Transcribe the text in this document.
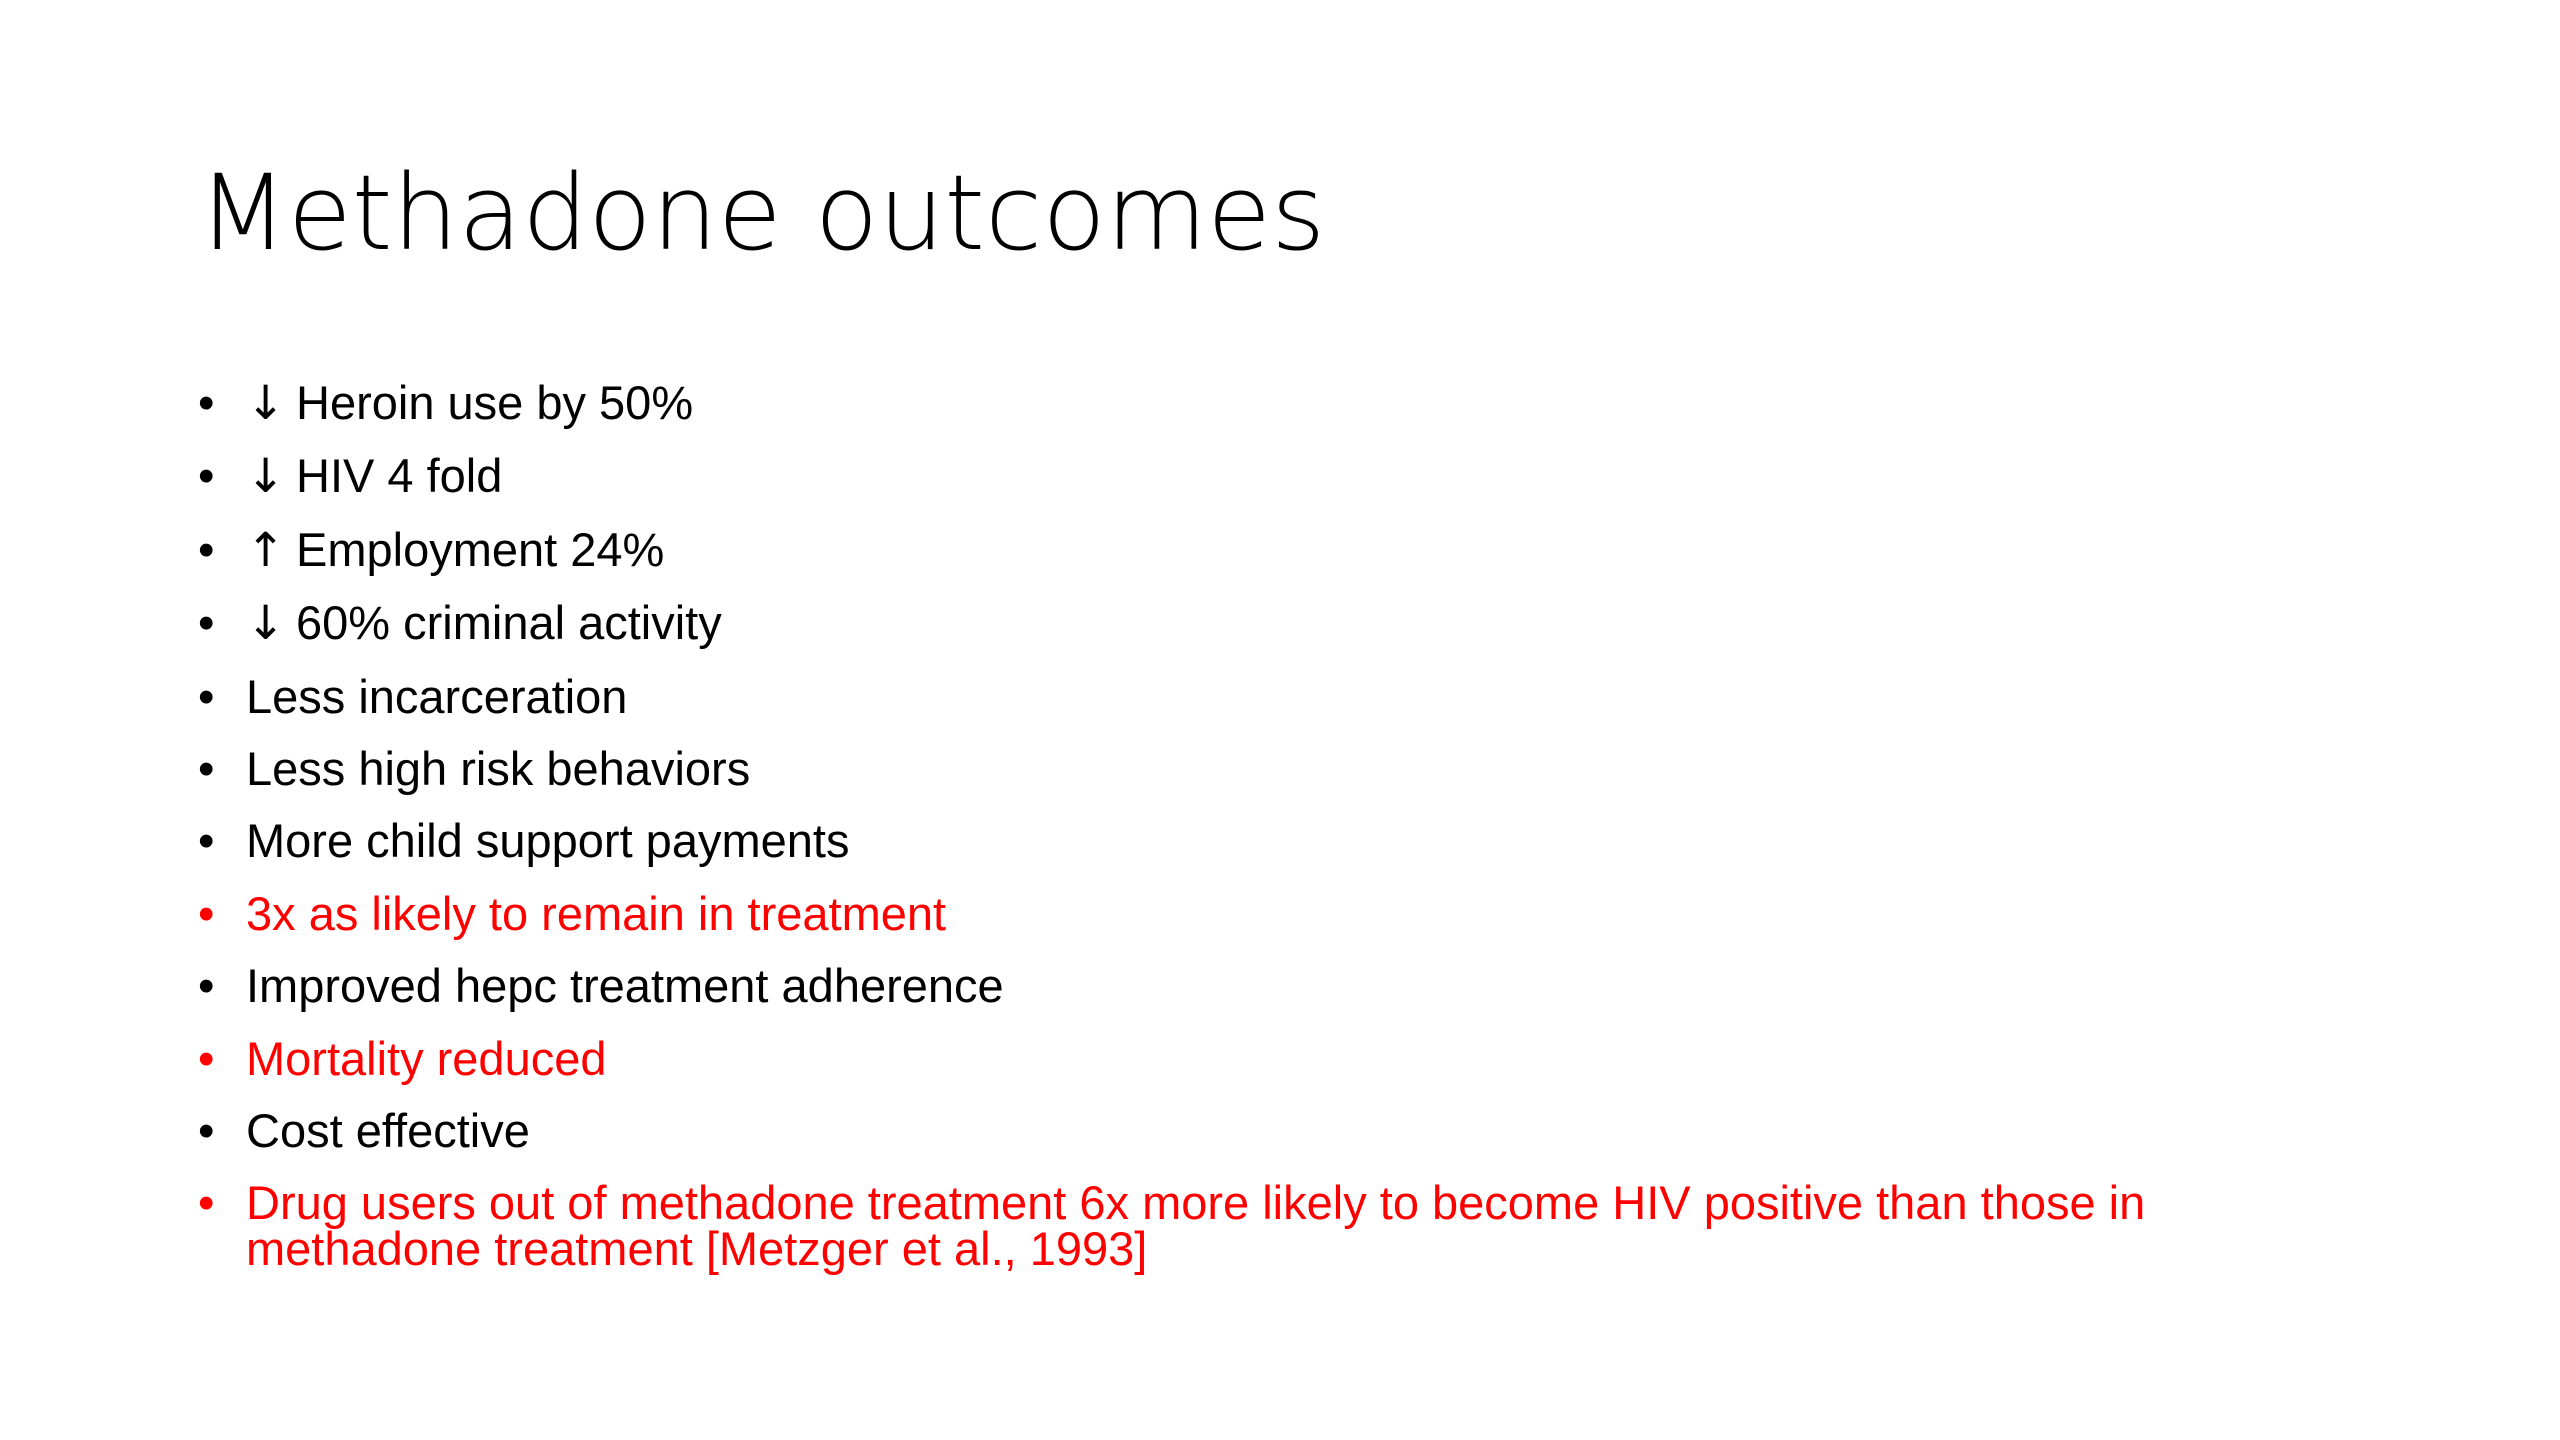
Methadone outcomes
• ↓ Heroin use by 50%
• ↓ HIV 4 fold
• ↑ Employment 24%
• ↓ 60% criminal activity
• Less incarceration
• Less high risk behaviors
• More child support payments
• 3x as likely to remain in treatment
• Improved hepc treatment adherence
• Mortality reduced
• Cost effective
• Drug users out of methadone treatment 6x more likely to become HIV positive than those in methadone treatment [Metzger et al., 1993]
